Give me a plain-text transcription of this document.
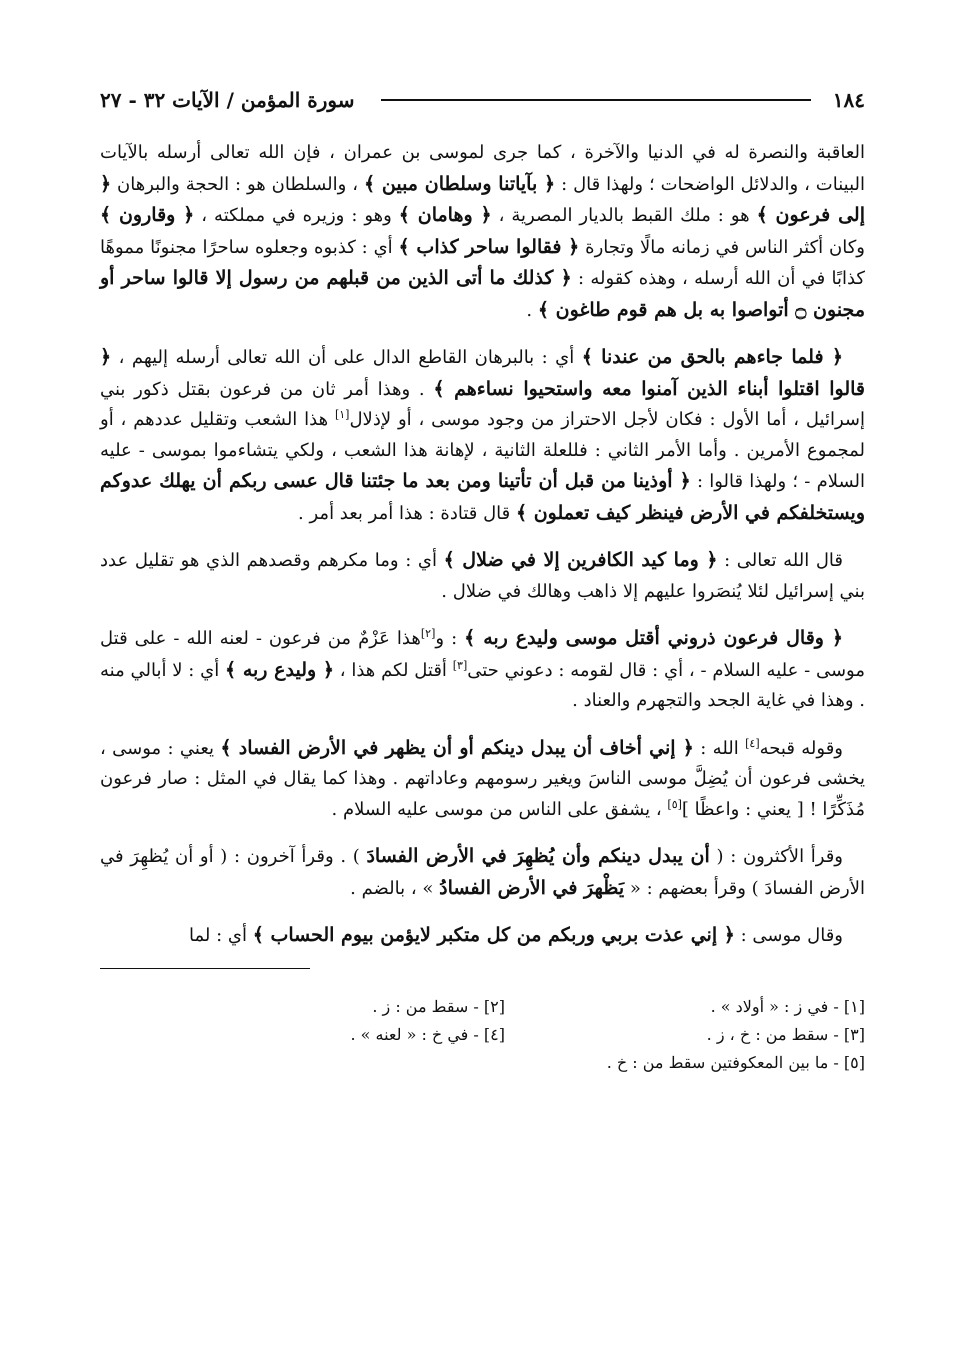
١٨٤
سورة المؤمن / الآيات ٣٢ - ٢٧

العاقبة والنصرة له في الدنيا والآخرة ، كما جرى لموسى بن عمران ، فإن الله تعالى أرسله بالآيات البينات ، والدلائل الواضحات ؛ ولهذا قال : ﴿ بآياتنا وسلطان مبين ﴾ ، والسلطان هو : الحجة والبرهان ﴿ إلى فرعون ﴾ هو : ملك القبط بالديار المصرية ، ﴿ وهامان ﴾ وهو : وزيره في مملكته ، ﴿ وقارون ﴾ وكان أكثر الناس في زمانه مالًا وتجارة ﴿ فقالوا ساحر كذاب ﴾ أي : كذبوه وجعلوه ساحرًا مجنونًا مموهًا كذابًا في أن الله أرسله ، وهذه كقوله : ﴿ كذلك ما أتى الذين من قبلهم من رسول إلا قالوا ساحر أو مجنون ۝ أتواصوا به بل هم قوم طاغون ﴾ .

﴿ فلما جاءهم بالحق من عندنا ﴾ أي : بالبرهان القاطع الدال على أن الله تعالى أرسله إليهم ، ﴿ قالوا اقتلوا أبناء الذين آمنوا معه واستحيوا نساءهم ﴾ . وهذا أمر ثان من فرعون بقتل ذكور بني إسرائيل ، أما الأول : فكان لأجل الاحتراز من وجود موسى ، أو لإذلال[١] هذا الشعب وتقليل عددهم ، أو لمجموع الأمرين . وأما الأمر الثاني : فللعلة الثانية ، لإهانة هذا الشعب ، ولكي يتشاءموا بموسى - عليه السلام - ؛ ولهذا قالوا : ﴿ أوذينا من قبل أن تأتينا ومن بعد ما جئتنا قال عسى ربكم أن يهلك عدوكم ويستخلفكم في الأرض فينظر كيف تعملون ﴾ قال قتادة : هذا أمر بعد أمر .

قال الله تعالى : ﴿ وما كيد الكافرين إلا في ضلال ﴾ أي : وما مكرهم وقصدهم الذي هو تقليل عدد بني إسرائيل لئلا يُنصَروا عليهم إلا ذاهب وهالك في ضلال .

﴿ وقال فرعون ذروني أقتل موسى وليدع ربه ﴾ : و[٢]هذا عَزْمٌ من فرعون - لعنه الله - على قتل موسى - عليه السلام - ، أي : قال لقومه : دعوني حتى[٣] أقتل لكم هذا ، ﴿ وليدع ربه ﴾ أي : لا أبالي منه . وهذا في غاية الجحد والتجهرم والعناد .

وقوله قبحه[٤] الله : ﴿ إني أخاف أن يبدل دينكم أو أن يظهر في الأرض الفساد ﴾ يعني : موسى ، يخشى فرعون أن يُضِلَّ موسى الناسَ ويغير رسومهم وعاداتهم . وهذا كما يقال في المثل : صار فرعون مُذَكِّرًا ! [ يعني : واعظًا ][٥] ، يشفق على الناس من موسى عليه السلام .

وقرأ الأكثرون : ( أن يبدل دينكم وأن يُظهِرَ في الأرض الفسادَ ) . وقرأ آخرون : ( أو أن يُظهِرَ في الأرض الفسادَ ) وقرأ بعضهم : « يَظْهرَ في الأرض الفسادُ » ، بالضم .

وقال موسى : ﴿ إني عذت بربي وربكم من كل متكبر لايؤمن بيوم الحساب ﴾ أي : لما

[١] - في ز : « أولاد » .
[٢] - سقط من : ز .
[٣] - سقط من : خ ، ز .
[٤] - في خ : « لعنه » .
[٥] - ما بين المعكوفتين سقط من : خ .
